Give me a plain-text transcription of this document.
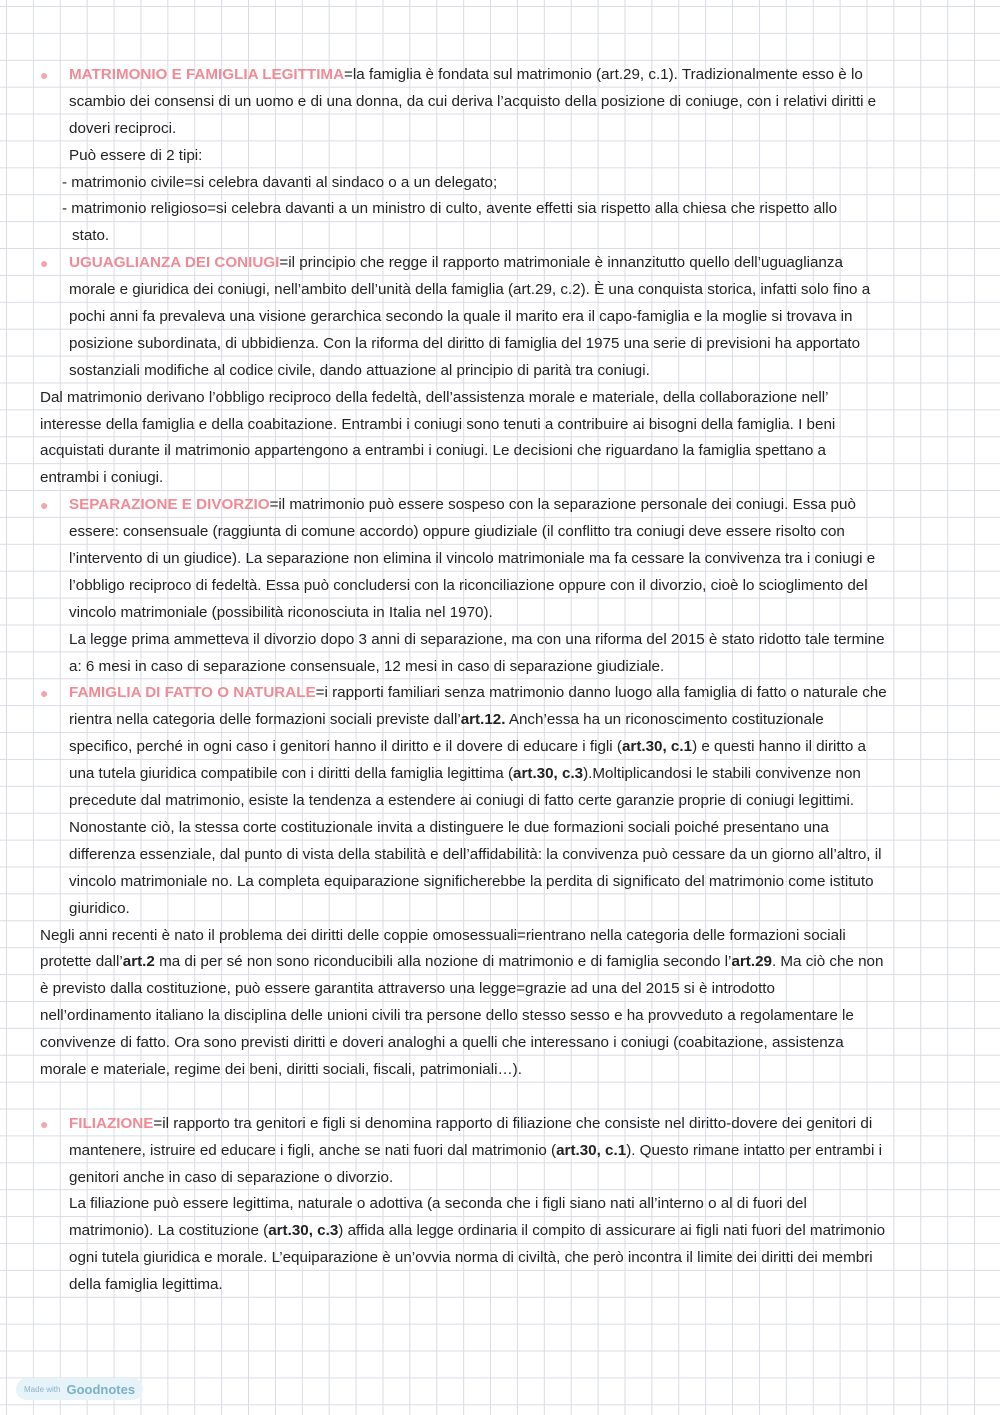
● MATRIMONIO E FAMIGLIA LEGITTIMA=la famiglia è fondata sul matrimonio (art.29, c.1). Tradizionalmente esso è lo
scambio dei consensi di un uomo e di una donna, da cui deriva l’acquisto della posizione di coniuge, con i relativi diritti e
doveri reciproci.
Può essere di 2 tipi:
- matrimonio civile=si celebra davanti al sindaco o a un delegato;
- matrimonio religioso=si celebra davanti a un ministro di culto, avente effetti sia rispetto alla chiesa che rispetto allo
stato.
● UGUAGLIANZA DEI CONIUGI=il principio che regge il rapporto matrimoniale è innanzitutto quello dell’uguaglianza
morale e giuridica dei coniugi, nell’ambito dell’unità della famiglia (art.29, c.2). È una conquista storica, infatti solo fino a
pochi anni fa prevaleva una visione gerarchica secondo la quale il marito era il capo-famiglia e la moglie si trovava in
posizione subordinata, di ubbidienza. Con la riforma del diritto di famiglia del 1975 una serie di previsioni ha apportato
sostanziali modifiche al codice civile, dando attuazione al principio di parità tra coniugi.
Dal matrimonio derivano l’obbligo reciproco della fedeltà, dell’assistenza morale e materiale, della collaborazione nell’
interesse della famiglia e della coabitazione. Entrambi i coniugi sono tenuti a contribuire ai bisogni della famiglia. I beni
acquistati durante il matrimonio appartengono a entrambi i coniugi. Le decisioni che riguardano la famiglia spettano a
entrambi i coniugi.
● SEPARAZIONE E DIVORZIO=il matrimonio può essere sospeso con la separazione personale dei coniugi. Essa può
essere: consensuale (raggiunta di comune accordo) oppure giudiziale (il conflitto tra coniugi deve essere risolto con
l’intervento di un giudice). La separazione non elimina il vincolo matrimoniale ma fa cessare la convivenza tra i coniugi e
l’obbligo reciproco di fedeltà. Essa può concludersi con la riconciliazione oppure con il divorzio, cioè lo scioglimento del
vincolo matrimoniale (possibilità riconosciuta in Italia nel 1970).
La legge prima ammetteva il divorzio dopo 3 anni di separazione, ma con una riforma del 2015 è stato ridotto tale termine
a: 6 mesi in caso di separazione consensuale, 12 mesi in caso di separazione giudiziale.
● FAMIGLIA DI FATTO O NATURALE=i rapporti familiari senza matrimonio danno luogo alla famiglia di fatto o naturale che
rientra nella categoria delle formazioni sociali previste dall’art.12. Anch’essa ha un riconoscimento costituzionale
specifico, perché in ogni caso i genitori hanno il diritto e il dovere di educare i figli (art.30, c.1) e questi hanno il diritto a
una tutela giuridica compatibile con i diritti della famiglia legittima (art.30, c.3).Moltiplicandosi le stabili convivenze non
precedute dal matrimonio, esiste la tendenza a estendere ai coniugi di fatto certe garanzie proprie di coniugi legittimi.
Nonostante ciò, la stessa corte costituzionale invita a distinguere le due formazioni sociali poiché presentano una
differenza essenziale, dal punto di vista della stabilità e dell’affidabilità: la convivenza può cessare da un giorno all’altro, il
vincolo matrimoniale no. La completa equiparazione significherebbe la perdita di significato del matrimonio come istituto
giuridico.
Negli anni recenti è nato il problema dei diritti delle coppie omosessuali=rientrano nella categoria delle formazioni sociali
protette dall’art.2 ma di per sé non sono riconducibili alla nozione di matrimonio e di famiglia secondo l’art.29. Ma ciò che non
è previsto dalla costituzione, può essere garantita attraverso una legge=grazie ad una del 2015 si è introdotto
nell’ordinamento italiano la disciplina delle unioni civili tra persone dello stesso sesso e ha provveduto a regolamentare le
convivenze di fatto. Ora sono previsti diritti e doveri analoghi a quelli che interessano i coniugi (coabitazione, assistenza
morale e materiale, regime dei beni, diritti sociali, fiscali, patrimoniali…).
● FILIAZIONE=il rapporto tra genitori e figli si denomina rapporto di filiazione che consiste nel diritto-dovere dei genitori di
mantenere, istruire ed educare i figli, anche se nati fuori dal matrimonio (art.30, c.1). Questo rimane intatto per entrambi i
genitori anche in caso di separazione o divorzio.
La filiazione può essere legittima, naturale o adottiva (a seconda che i figli siano nati all’interno o al di fuori del
matrimonio). La costituzione (art.30, c.3) affida alla legge ordinaria il compito di assicurare ai figli nati fuori del matrimonio
ogni tutela giuridica e morale. L’equiparazione è un’ovvia norma di civiltà, che però incontra il limite dei diritti dei membri
della famiglia legittima.
Made with Goodnotes
